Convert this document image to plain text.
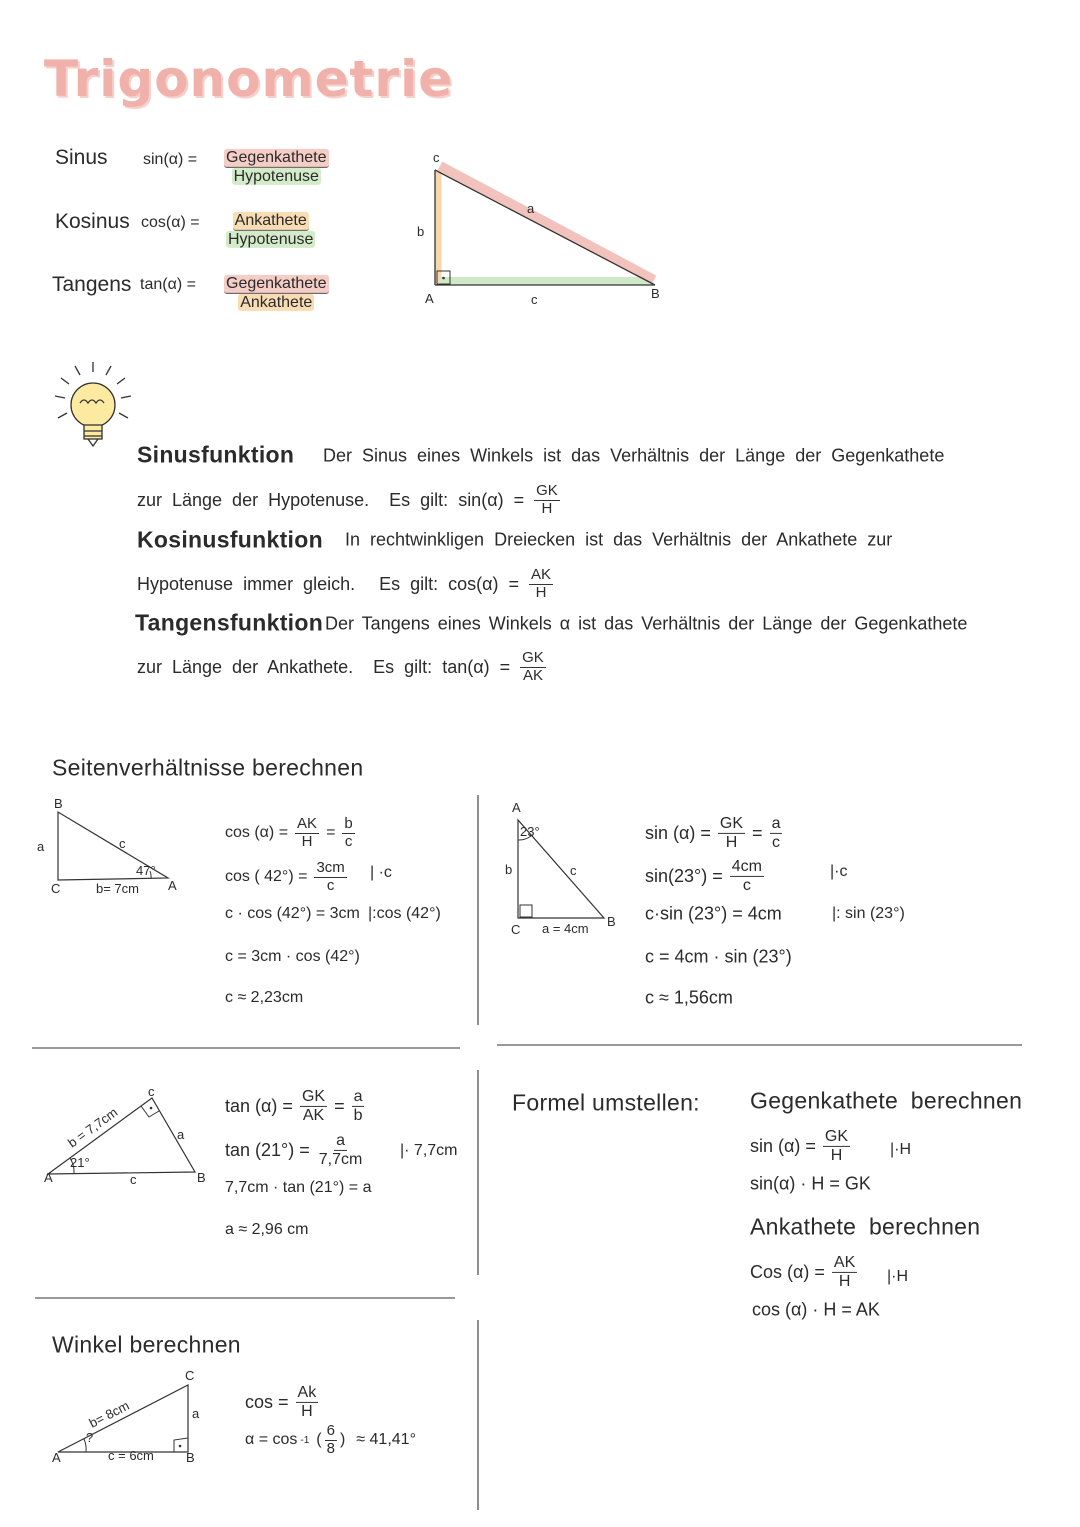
c
b
a
A	c	B
B
a	c
47°
C	b= 7cm A
A
23°
b	c
C a = 4cm B
c
b = 7,7cm
21°
a
A	c	B
C
b= 8cm
?
a
A	c = 6cm B
Trigonometrie
Sinus $\sin(\alpha) = \frac{\text{Gegenkathete}}{\text{Hypotenuse}}$
Kosinus $\cos(\alpha) = \frac{\text{Ankathete}}{\text{Hypotenuse}}$
Tangens $\tan(\alpha) = \frac{\text{Gegenkathete}}{\text{Ankathete}}$
Sinusfunktion Der Sinus eines Winkels ist das Verhältnis der Länge der Gegenkathete
zur Länge der Hypotenuse. Es gilt: $\sin(\alpha) = \frac{GK}{H}$
Kosinusfunktion In rechtwinkligen Dreiecken ist das Verhältnis der Ankathete zur
Hypotenuse immer gleich. Es gilt: $\cos(\alpha) = \frac{AK}{H}$
Tangensfunktion Der Tangens eines Winkels α ist das Verhältnis der Länge der Gegenkathete
zur Länge der Ankathete. Es gilt: $\tan(\alpha) = \frac{GK}{AK}$
Seitenverhältnisse berechnen
$\cos (\alpha) = \frac{AK}{H} = \frac{b}{c}$
cos ( $42^\circ) = \frac{3cm}{c}$ | ·c
c · cos (42°) = 3cm |:cos (42°)
c = 3cm · cos (42°)
c ≈ 2,23cm
$\sin (\alpha) = \frac{GK}{H} = \frac{a}{c}$
$\sin(23^\circ) = \frac{4cm}{c}$	|·c
c·sin (23°) = 4cm	|: sin (23°)
c = 4cm · sin (23°)
c ≈ 1,56cm
$\tan (\alpha) = \frac{GK}{AK} = \frac{a}{b}$
$\tan (21^\circ) = \frac{a}{7,7cm}$ |· 7,7cm
7,7cm · tan (21°) = a
a ≈ 2,96 cm
Formel umstellen: Gegenkathete berechnen
$\sin (\alpha) = \frac{GK}{H} |\cdot H$
sin(α) · H = GK
Ankathete berechnen
Cos $(\alpha) = \frac{AK}{H} |\cdot H$
cos (α) · H = AK
Winkel berechnen
$\cos = \frac{Ak}{H}$
α = cos -1 ( $\frac{6}{8}$ ) ≈ 41,41°
